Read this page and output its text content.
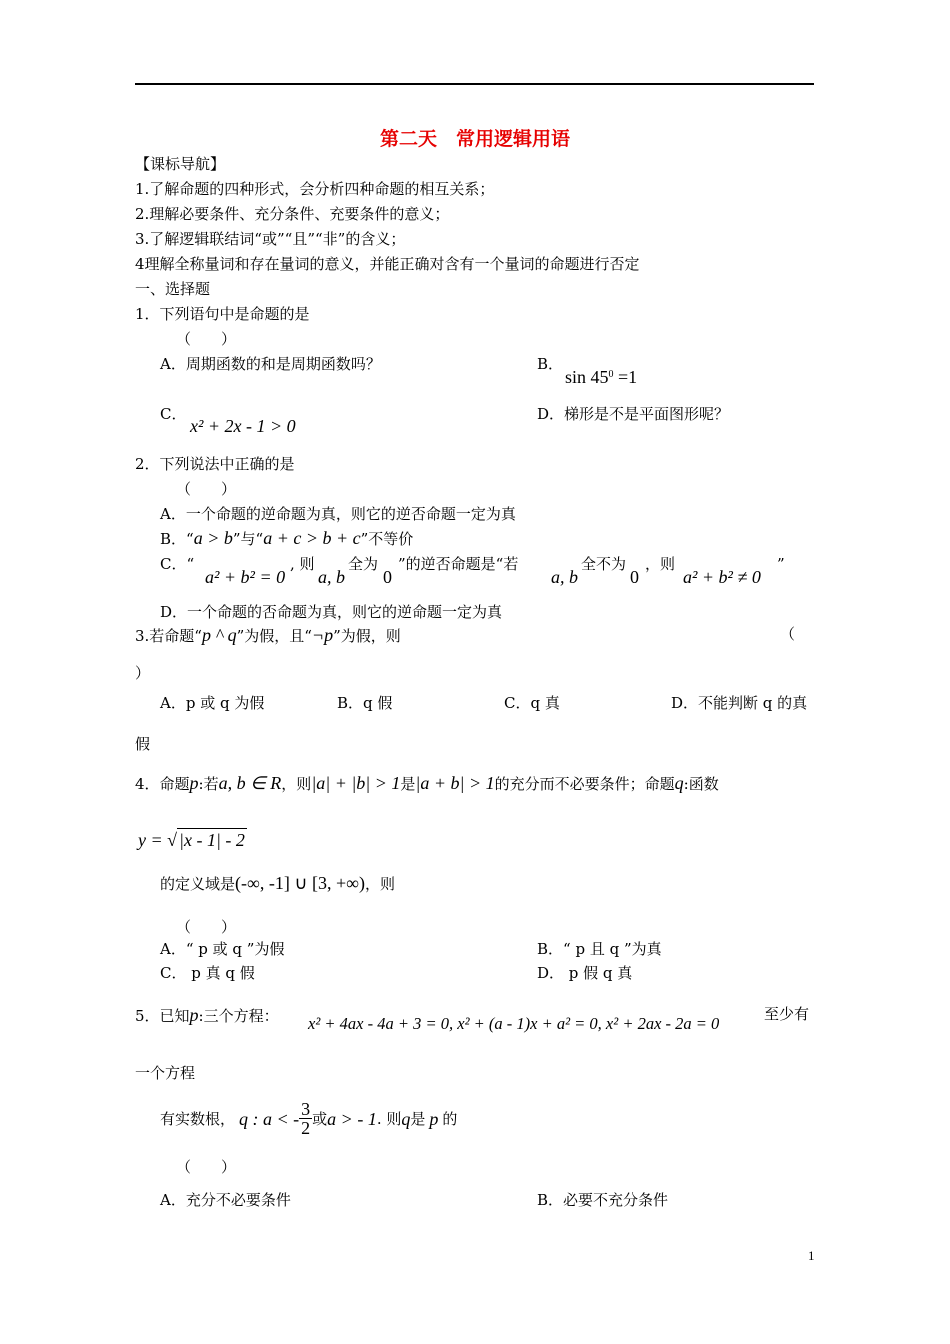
第二天　常用逻辑用语
【课标导航】
1.了解命题的四种形式，会分析四种命题的相互关系；
2.理解必要条件、充分条件、充要条件的意义；
3.了解逻辑联结词“或”“且”“非”的含义；
4理解全称量词和存在量词的意义，并能正确对含有一个量词的命题进行否定
一、选择题
1．下列语句中是命题的是
（　　）
A．周期函数的和是周期函数吗？	B．
$\sin 45^0 =1$
C．
x² + 2x - 1 > 0
D．梯形是不是平面图形呢？
2．下列说法中正确的是
（　　）
A．一个命题的逆命题为真，则它的逆否命题一定为真
B．“a > b”与“a + c > b + c”不等价
C．“
a² + b² = 0
, 则
a, b
全为
0
”的逆否命题是“若
a, b
全不为
0
，则
a² + b² ≠ 0
”
D．一个命题的否命题为真，则它的逆命题一定为真
3.若命题“p ^ q”为假，且“¬p”为假，则	（
）
A．p 或 q 为假	B．q 假	C．q 真	D．不能判断 q 的真
假
4．命题p:若a, b ∈ R，则|a| + |b| > 1是|a + b| > 1的充分而不必要条件；命题q:函数
y = √ |x - 1| - 2
的定义域是(-∞, -1] ∪ [3, +∞)，则
（　　）
A．“ p 或 q ”为假	B．“ p 且 q ”为真
C． p 真 q 假	D． p 假 q 真
5．已知p:三个方程： x² + 4ax - 4a + 3 = 0, x² + (a - 1)x + a² = 0, x² + 2ax - 2a = 0	至少有
一个方程
有实数根， q : a < - $\frac{3}{2}$ 或 a > - 1 . 则 q 是 p 的
（　　）
A．充分不必要条件	B．必要不充分条件
1
